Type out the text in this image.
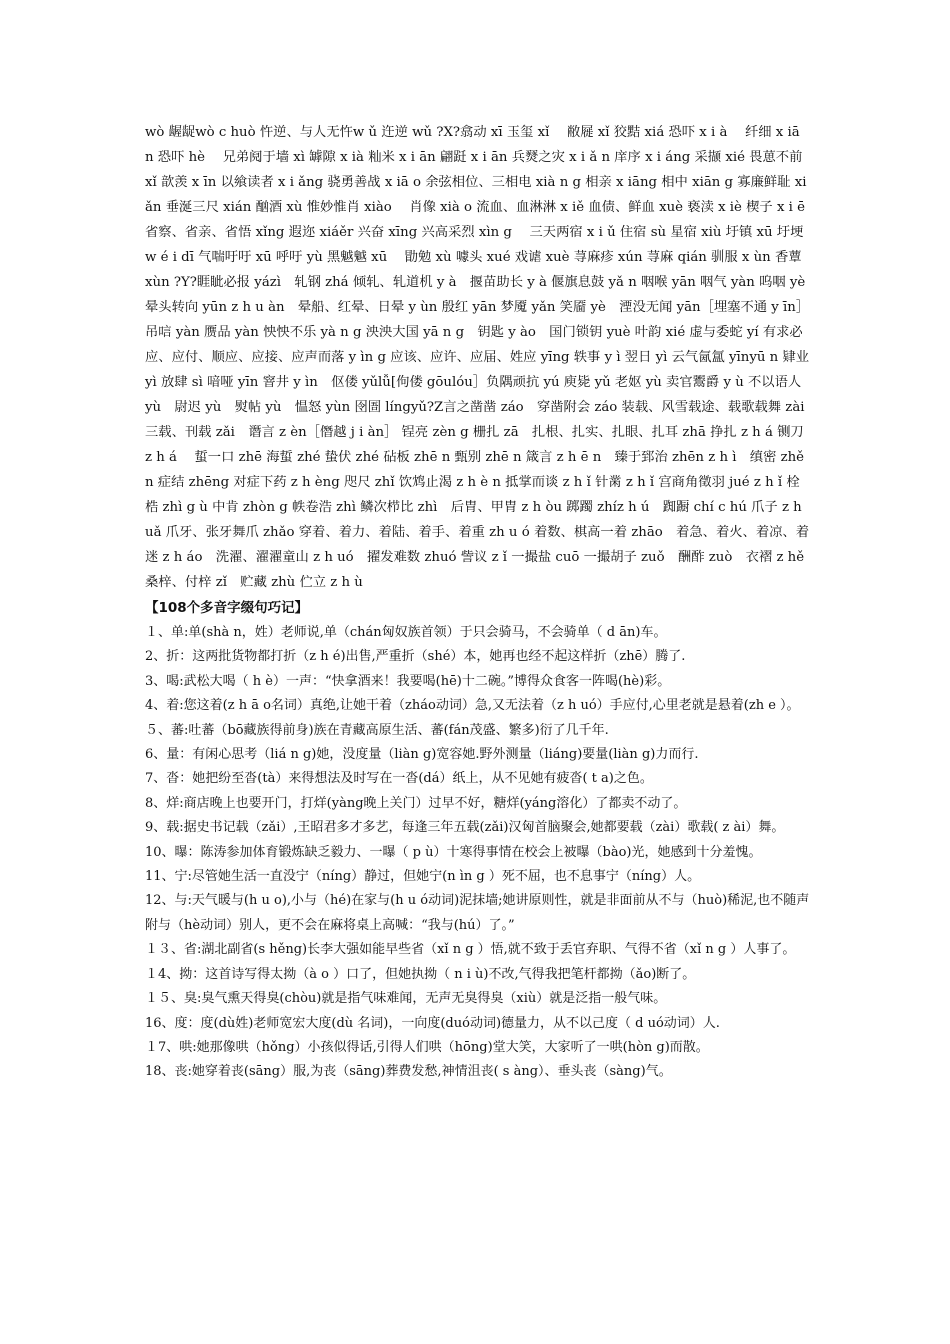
wò 龌龊wò c huò 忤逆、与人无忤w ǔ 迕逆 wǔ ?X?翕动 xī 玉玺 xǐ 　敝屣 xǐ 狡黠 xiá 恐吓 x i à 　纤细 x iā n 恐吓 hè 　兄弟阋于墙 xì 罅隙 x ià 籼米 x i ān 翩跹 x i ān 兵燹之灾 x i ǎ n 庠序 x i áng 采撷 xié 畏葸不前 xǐ 歆羡 x īn 以飨读者 x i ǎng 骁勇善战 x iā o 余弦相位、三相电 xià n g 相亲 x iāng 相中 xiān g 寡廉鲜耻 xiǎn 垂涎三尺 xián 酗酒 xù 惟妙惟肖 xiào 　肖像 xià o 流血、血淋淋 x iě 血债、鲜血 xuè 亵渎 x iè 楔子 x i ē 省察、省亲、省悟 xǐng 遐迩 xiáěr 兴奋 xīng 兴高采烈 xìn g 　三天两宿 x i ǔ 住宿 sù 星宿 xiù 圩镇 xū 圩埂　 w é i dī 气喘吁吁 xū 呼吁 yù 黑魆魆 xū 　勖勉 xù 噱头 xué 戏谑 xuè 荨麻疹 xún 荨麻 qián 驯服 x ùn 香蕈 xùn ?Y?睚眦必报 yázì　轧钢 zhá 倾轧、轧道机 y à　揠苗助长 y à 偃旗息鼓 yǎ n 咽喉 yān 咽气 yàn 呜咽 yè　晕头转向 yūn z h u àn　晕船、红晕、日晕 y ùn 殷红 yān 梦魇 yǎn 笑靥 yè　湮没无闻 yān［埋塞不通 y īn］吊唁 yàn 赝品 yàn 怏怏不乐 yà n g 泱泱大国 yā n g　钥匙 y ào　国门锁钥 yuè 叶韵 xié 虚与委蛇 yí 有求必应、应付、顺应、应接、应声而落 y ìn g 应该、应许、应届、姓应 yīng 轶事 y ì 翌日 yì 云气氤氲 yīnyū n 肄业 yì 放肆 sì 喑哑 yīn 窨井 y ìn　伛偻 yǔlǚ[佝偻 gōulóu］负隅顽抗 yú 庾毙 yǔ 老妪 yù 卖官鬻爵 y ù 不以语人 yù　尉迟 yù　熨帖 yù　愠怒 yùn 囹圄 língyǔ?Z言之凿凿 záo　穿凿附会 záo 装载、风雪载途、载歌载舞 zài 三载、刊载 zǎi　谮言 z èn［僭越 j i àn］ 锃亮 zèn g 栅扎 zā　扎根、扎实、扎眼、扎耳 zhā 挣扎 z h á 铡刀 z h á 　蜇一口 zhē 海蜇 zhé 蛰伏 zhé 砧板 zhē n 甄别 zhē n 箴言 z h ē n　臻于郅治 zhēn z h ì　缜密 zhě n 症结 zhēng 对症下药 z h èng 咫尺 zhǐ 饮鸩止渴 z h è n 抵掌而谈 z h ǐ 针黹 z h ǐ 宫商角徵羽 jué z h ǐ 栓梏 zhì g ù 中肯 zhòn g 帙卷浩 zhì 鳞次栉比 zhì　后胄、甲胄 z h òu 踯躅 zhíz h ú　踟蹰 chí c hú 爪子 z h uǎ 爪牙、张牙舞爪 zhǎo 穿着、着力、着陆、着手、着重 zh u ó 着数、棋高一着 zhāo　着急、着火、着凉、着迷 z h áo　洗濯、濯濯童山 z h uó　擢发难数 zhuó 訾议 z ǐ 一撮盐 cuō 一撮胡子 zuǒ　酬酢 zuò　衣褶 z hě 桑梓、付梓 zǐ　贮藏 zhù 伫立 z h ù

【108个多音字缀句巧记】

１、单:单(shà n，姓）老师说,单（chán匈奴族首领）于只会骑马，不会骑单（ d ān)车。
2、折：这两批货物都打折（z h é)出售,严重折（shé）本，她再也经不起这样折（zhē）腾了.
3、喝:武松大喝（ h è）一声：“快拿酒来！我要喝(hē)十二碗。”博得众食客一阵喝(hè)彩。
4、着:您这着(z h ā o名词）真绝,让她干着（zháo动词）急,又无法着（z h uó）手应付,心里老就是悬着(zh e ）。
５、蕃:吐蕃（bō藏族得前身)族在青藏高原生活、蕃(fán茂盛、繁多)衍了几千年.
6、量：有闲心思考（liá n g)她，没度量（liàn g)宽容她.野外测量（liáng)要量(liàn g)力而行.
7、沓：她把纷至沓(tà）来得想法及时写在一沓(dá）纸上，从不见她有疲沓( t a)之色。
8、烊:商店晚上也要开门，打烊(yàng晚上关门）过早不好，糖烊(yáng溶化）了都卖不动了。
9、载:据史书记载（zǎi）,王昭君多才多艺，每逢三年五载(zǎi)汉匈首脑聚会,她都要载（zài）歌载( z ài）舞。
10、曝：陈涛参加体育锻炼缺乏毅力、一曝（ p ù）十寒得事情在校会上被曝（bào)光，她感到十分羞愧。
11、宁:尽管她生活一直没宁（níng）静过，但她宁(n ìn g ）死不屈，也不息事宁（níng）人。
12、与:天气暖与(h u o),小与（hé)在家与(h u ó动词)泥抹墙;她讲原则性，就是非面前从不与（huò)稀泥,也不随声附与（hè动词）别人，更不会在麻将桌上高喊：“我与(hú）了。”
１３、省:湖北副省(s hěng)长李大强如能早些省（xǐ n g ）悟,就不致于丢官弃职、气得不省（xǐ n g ）人事了。
１4、拗：这首诗写得太拗（à o ）口了，但她执拗（ n i ù)不改,气得我把笔杆都拗（ǎo)断了。
１５、臭:臭气熏天得臭(chòu)就是指气味难闻，无声无臭得臭（xiù）就是泛指一般气味。
16、度：度(dù姓)老师宽宏大度(dù 名词)，一向度(duó动词)德量力，从不以己度（ d uó动词）人.
１7、哄:她那像哄（hǒng）小孩似得话,引得人们哄（hōng)堂大笑，大家听了一哄(hòn g)而散。
18、丧:她穿着丧(sāng）服,为丧（sāng)葬费发愁,神情沮丧( s àng）、垂头丧（sàng)气。
